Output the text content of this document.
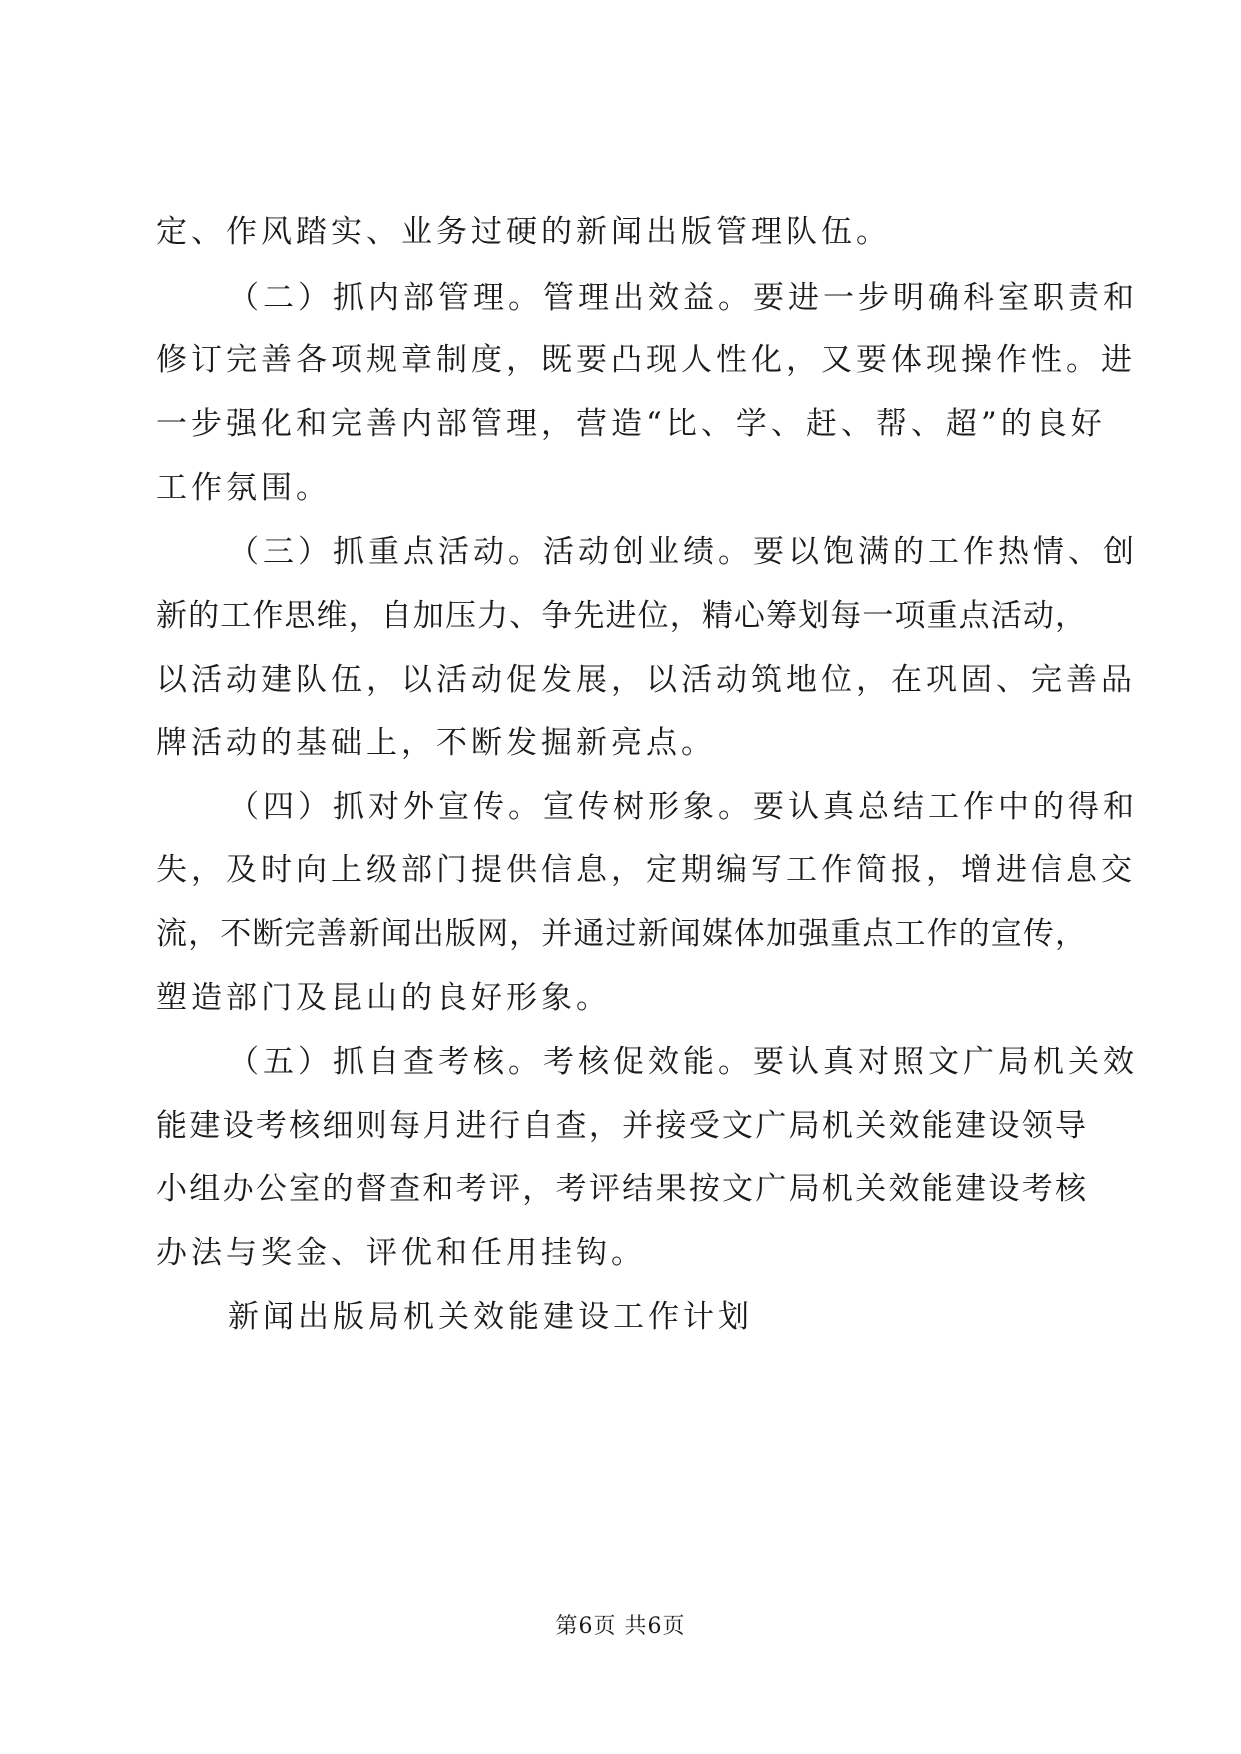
定、作风踏实、业务过硬的新闻出版管理队伍。
（二）抓内部管理。管理出效益。要进一步明确科室职责和
修订完善各项规章制度，既要凸现人性化，又要体现操作性。进
一步强化和完善内部管理，营造“比、学、赶、帮、超”的良好
工作氛围。
（三）抓重点活动。活动创业绩。要以饱满的工作热情、创
新的工作思维，自加压力、争先进位，精心筹划每一项重点活动，
以活动建队伍，以活动促发展，以活动筑地位，在巩固、完善品
牌活动的基础上，不断发掘新亮点。
（四）抓对外宣传。宣传树形象。要认真总结工作中的得和
失，及时向上级部门提供信息，定期编写工作简报，增进信息交
流，不断完善新闻出版网，并通过新闻媒体加强重点工作的宣传，
塑造部门及昆山的良好形象。
（五）抓自查考核。考核促效能。要认真对照文广局机关效
能建设考核细则每月进行自查，并接受文广局机关效能建设领导
小组办公室的督查和考评，考评结果按文广局机关效能建设考核
办法与奖金、评优和任用挂钩。
新闻出版局机关效能建设工作计划
第6页 共6页
